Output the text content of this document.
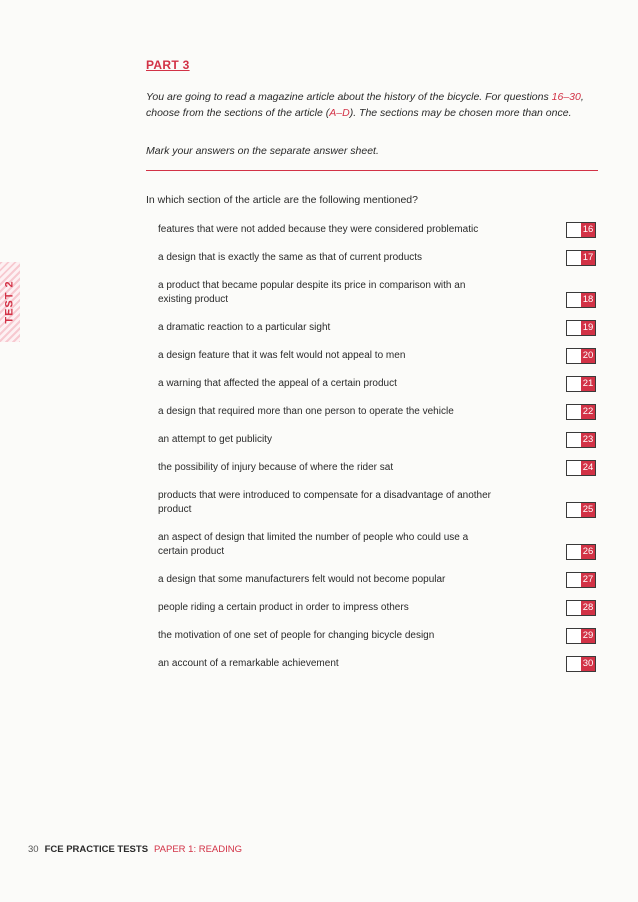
PART 3
You are going to read a magazine article about the history of the bicycle. For questions 16–30, choose from the sections of the article (A–D). The sections may be chosen more than once.
Mark your answers on the separate answer sheet.
In which section of the article are the following mentioned?
TEST 2
features that were not added because they were considered problematic	16
a design that is exactly the same as that of current products	17
a product that became popular despite its price in comparison with an existing product	18
a dramatic reaction to a particular sight	19
a design feature that it was felt would not appeal to men	20
a warning that affected the appeal of a certain product	21
a design that required more than one person to operate the vehicle	22
an attempt to get publicity	23
the possibility of injury because of where the rider sat	24
products that were introduced to compensate for a disadvantage of another product	25
an aspect of design that limited the number of people who could use a certain product	26
a design that some manufacturers felt would not become popular	27
people riding a certain product in order to impress others	28
the motivation of one set of people for changing bicycle design	29
an account of a remarkable achievement	30
30 FCE PRACTICE TESTS PAPER 1: READING
